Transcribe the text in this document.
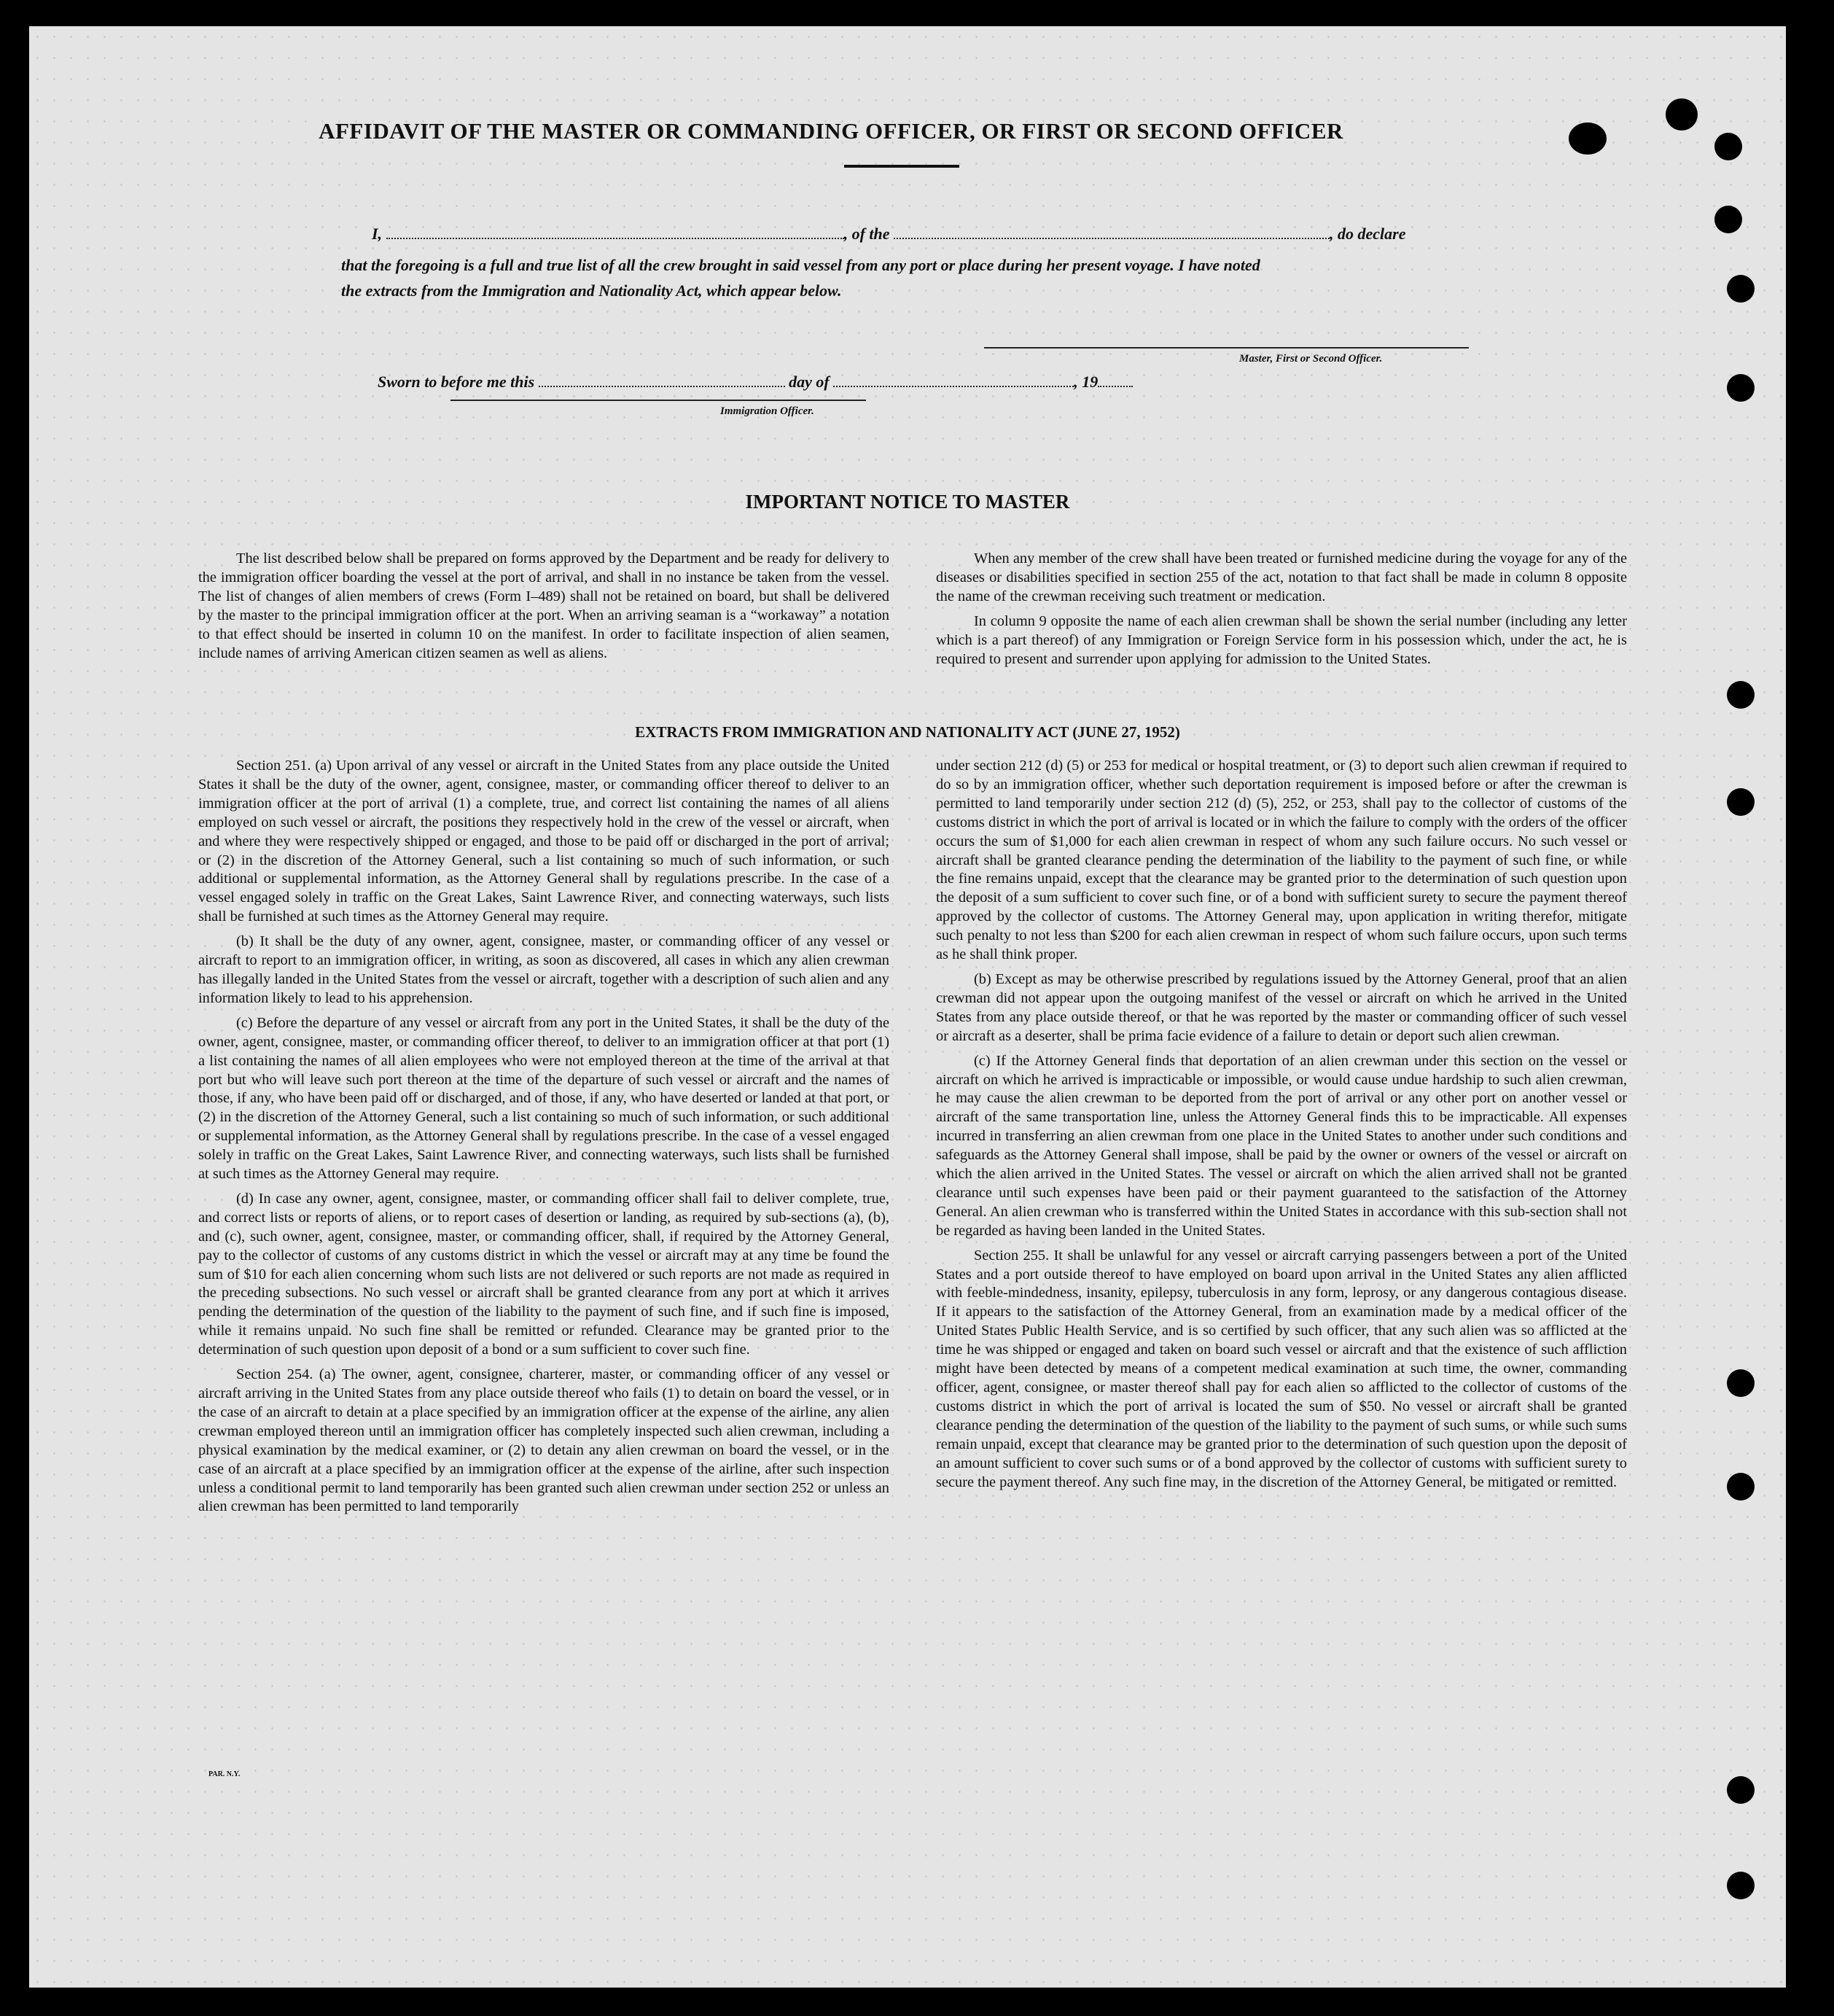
AFFIDAVIT OF THE MASTER OR COMMANDING OFFICER, OR FIRST OR SECOND OFFICER
I,	, of the	, do declare
that the foregoing is a full and true list of all the crew brought in said vessel from any port or place during her present voyage. I have noted
the extracts from the Immigration and Nationality Act, which appear below.
Master, First or Second Officer.
Sworn to before me this	day of	, 19
Immigration Officer.
IMPORTANT NOTICE TO MASTER

The list described below shall be prepared on forms approved by the Department and be ready for delivery to the immigration officer boarding the vessel at the port of arrival, and shall in no instance be taken from the vessel. The list of changes of alien members of crews (Form I–489) shall not be retained on board, but shall be delivered by the master to the principal immigration officer at the port. When an arriving seaman is a “workaway” a notation to that effect should be inserted in column 10 on the manifest. In order to facilitate inspection of alien seamen, include names of arriving American citizen seamen as well as aliens.

When any member of the crew shall have been treated or furnished medicine during the voyage for any of the diseases or disabilities specified in section 255 of the act, notation to that fact shall be made in column 8 opposite the name of the crewman receiving such treatment or medication.

In column 9 opposite the name of each alien crewman shall be shown the serial number (including any letter which is a part thereof) of any Immigration or Foreign Service form in his possession which, under the act, he is required to present and surrender upon applying for admission to the United States.

EXTRACTS FROM IMMIGRATION AND NATIONALITY ACT (JUNE 27, 1952)

Section 251. (a) Upon arrival of any vessel or aircraft in the United States from any place outside the United States it shall be the duty of the owner, agent, consignee, master, or commanding officer thereof to deliver to an immigration officer at the port of arrival (1) a complete, true, and correct list containing the names of all aliens employed on such vessel or aircraft, the positions they respectively hold in the crew of the vessel or aircraft, when and where they were respectively shipped or engaged, and those to be paid off or discharged in the port of arrival; or (2) in the discretion of the Attorney General, such a list containing so much of such information, or such additional or supplemental information, as the Attorney General shall by regulations prescribe. In the case of a vessel engaged solely in traffic on the Great Lakes, Saint Lawrence River, and connecting waterways, such lists shall be furnished at such times as the Attorney General may require.

(b) It shall be the duty of any owner, agent, consignee, master, or commanding officer of any vessel or aircraft to report to an immigration officer, in writing, as soon as discovered, all cases in which any alien crewman has illegally landed in the United States from the vessel or aircraft, together with a description of such alien and any information likely to lead to his apprehension.

(c) Before the departure of any vessel or aircraft from any port in the United States, it shall be the duty of the owner, agent, consignee, master, or commanding officer thereof, to deliver to an immigration officer at that port (1) a list containing the names of all alien employees who were not employed thereon at the time of the arrival at that port but who will leave such port thereon at the time of the departure of such vessel or aircraft and the names of those, if any, who have been paid off or discharged, and of those, if any, who have deserted or landed at that port, or (2) in the discretion of the Attorney General, such a list containing so much of such information, or such additional or supplemental information, as the Attorney General shall by regulations prescribe. In the case of a vessel engaged solely in traffic on the Great Lakes, Saint Lawrence River, and connecting waterways, such lists shall be furnished at such times as the Attorney General may require.

(d) In case any owner, agent, consignee, master, or commanding officer shall fail to deliver complete, true, and correct lists or reports of aliens, or to report cases of desertion or landing, as required by sub-sections (a), (b), and (c), such owner, agent, consignee, master, or commanding officer, shall, if required by the Attorney General, pay to the collector of customs of any customs district in which the vessel or aircraft may at any time be found the sum of $10 for each alien concerning whom such lists are not delivered or such reports are not made as required in the preceding subsections. No such vessel or aircraft shall be granted clearance from any port at which it arrives pending the determination of the question of the liability to the payment of such fine, and if such fine is imposed, while it remains unpaid. No such fine shall be remitted or refunded. Clearance may be granted prior to the determination of such question upon deposit of a bond or a sum sufficient to cover such fine.

Section 254. (a) The owner, agent, consignee, charterer, master, or commanding officer of any vessel or aircraft arriving in the United States from any place outside thereof who fails (1) to detain on board the vessel, or in the case of an aircraft to detain at a place specified by an immigration officer at the expense of the airline, any alien crewman employed thereon until an immigration officer has completely inspected such alien crewman, including a physical examination by the medical examiner, or (2) to detain any alien crewman on board the vessel, or in the case of an aircraft at a place specified by an immigration officer at the expense of the airline, after such inspection unless a conditional permit to land temporarily has been granted such alien crewman under section 252 or unless an alien crewman has been permitted to land temporarily

under section 212 (d) (5) or 253 for medical or hospital treatment, or (3) to deport such alien crewman if required to do so by an immigration officer, whether such deportation requirement is imposed before or after the crewman is permitted to land temporarily under section 212 (d) (5), 252, or 253, shall pay to the collector of customs of the customs district in which the port of arrival is located or in which the failure to comply with the orders of the officer occurs the sum of $1,000 for each alien crewman in respect of whom any such failure occurs. No such vessel or aircraft shall be granted clearance pending the determination of the liability to the payment of such fine, or while the fine remains unpaid, except that the clearance may be granted prior to the determination of such question upon the deposit of a sum sufficient to cover such fine, or of a bond with sufficient surety to secure the payment thereof approved by the collector of customs. The Attorney General may, upon application in writing therefor, mitigate such penalty to not less than $200 for each alien crewman in respect of whom such failure occurs, upon such terms as he shall think proper.

(b) Except as may be otherwise prescribed by regulations issued by the Attorney General, proof that an alien crewman did not appear upon the outgoing manifest of the vessel or aircraft on which he arrived in the United States from any place outside thereof, or that he was reported by the master or commanding officer of such vessel or aircraft as a deserter, shall be prima facie evidence of a failure to detain or deport such alien crewman.

(c) If the Attorney General finds that deportation of an alien crewman under this section on the vessel or aircraft on which he arrived is impracticable or impossible, or would cause undue hardship to such alien crewman, he may cause the alien crewman to be deported from the port of arrival or any other port on another vessel or aircraft of the same transportation line, unless the Attorney General finds this to be impracticable. All expenses incurred in transferring an alien crewman from one place in the United States to another under such conditions and safeguards as the Attorney General shall impose, shall be paid by the owner or owners of the vessel or aircraft on which the alien arrived in the United States. The vessel or aircraft on which the alien arrived shall not be granted clearance until such expenses have been paid or their payment guaranteed to the satisfaction of the Attorney General. An alien crewman who is transferred within the United States in accordance with this sub-section shall not be regarded as having been landed in the United States.

Section 255. It shall be unlawful for any vessel or aircraft carrying passengers between a port of the United States and a port outside thereof to have employed on board upon arrival in the United States any alien afflicted with feeble-mindedness, insanity, epilepsy, tuberculosis in any form, leprosy, or any dangerous contagious disease. If it appears to the satisfaction of the Attorney General, from an examination made by a medical officer of the United States Public Health Service, and is so certified by such officer, that any such alien was so afflicted at the time he was shipped or engaged and taken on board such vessel or aircraft and that the existence of such affliction might have been detected by means of a competent medical examination at such time, the owner, commanding officer, agent, consignee, or master thereof shall pay for each alien so afflicted to the collector of customs of the customs district in which the port of arrival is located the sum of $50. No vessel or aircraft shall be granted clearance pending the determination of the question of the liability to the payment of such sums, or while such sums remain unpaid, except that clearance may be granted prior to the determination of such question upon the deposit of an amount sufficient to cover such sums or of a bond approved by the collector of customs with sufficient surety to secure the payment thereof. Any such fine may, in the discretion of the Attorney General, be mitigated or remitted.

PAR. N.Y.
